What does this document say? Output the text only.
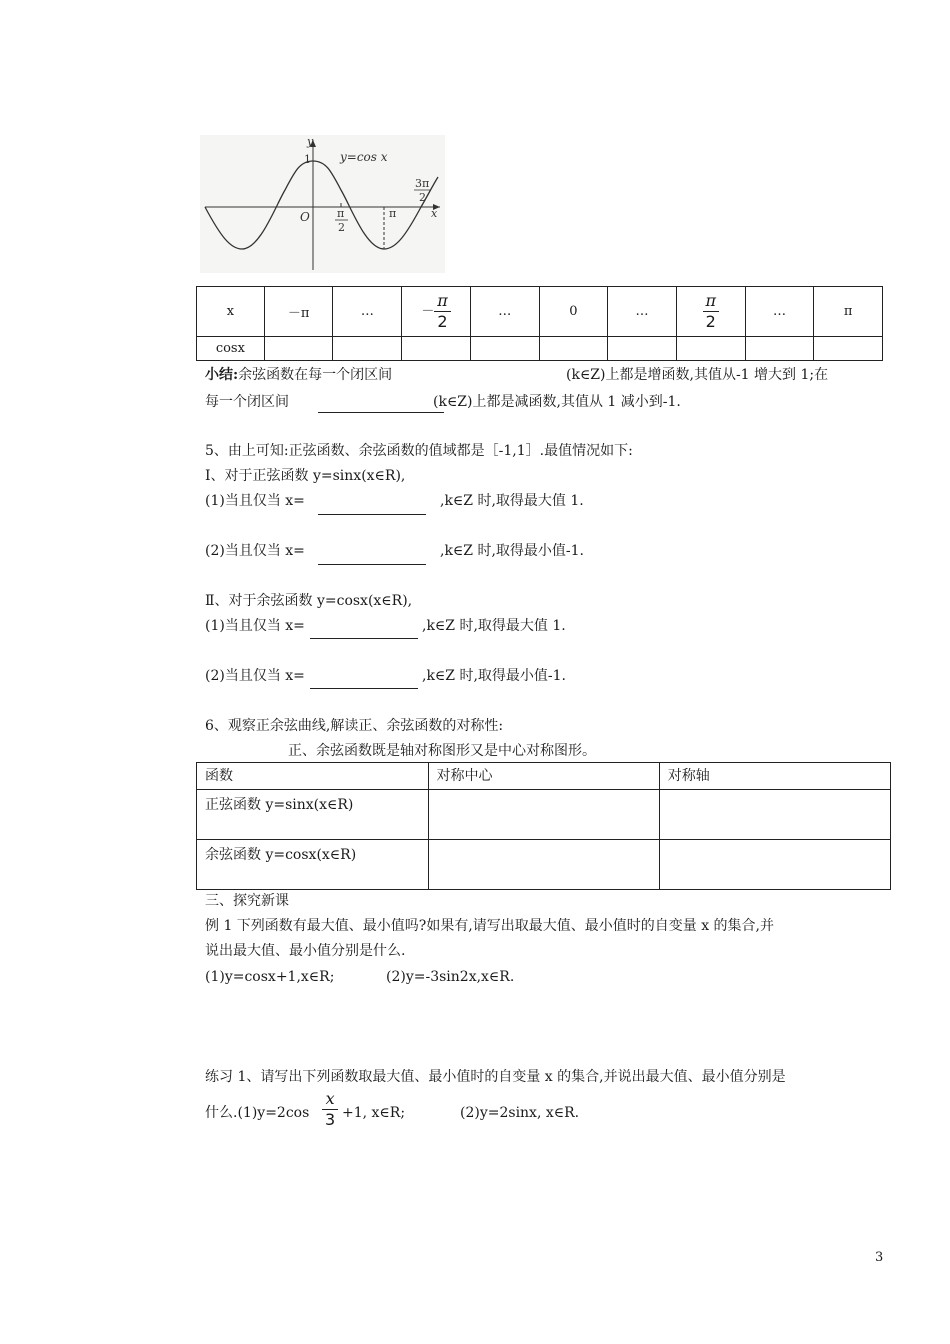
y
1 y=cos x
O	x
π
2
π
3π
2
x	－π	…	－ $\frac{\pi}{2}$	…	0	…	$\frac{\pi}{2}$	…	π
cosx									
小结:余弦函数在每一个闭区间	(k∈Z)上都是增函数,其值从-1 增大到 1;在
每一个闭区间	(k∈Z)上都是减函数,其值从 1 减小到-1.
5、由上可知:正弦函数、余弦函数的值域都是［-1,1］.最值情况如下:
Ⅰ、对于正弦函数 y=sinx(x∈R),
(1)当且仅当 x=	,k∈Z 时,取得最大值 1.
(2)当且仅当 x=	,k∈Z 时,取得最小值-1.
Ⅱ、对于余弦函数 y=cosx(x∈R),
(1)当且仅当 x=	,k∈Z 时,取得最大值 1.
(2)当且仅当 x=	,k∈Z 时,取得最小值-1.
6、观察正余弦曲线,解读正、余弦函数的对称性:
正、余弦函数既是轴对称图形又是中心对称图形。
函数	对称中心	对称轴
正弦函数 y=sinx(x∈R)		
余弦函数 y=cosx(x∈R)		
三、探究新课
例 1 下列函数有最大值、最小值吗?如果有,请写出取最大值、最小值时的自变量 x 的集合,并
说出最大值、最小值分别是什么.
(1)y=cosx+1,x∈R;	(2)y=-3sin2x,x∈R.
练习 1、请写出下列函数取最大值、最小值时的自变量 x 的集合,并说出最大值、最小值分别是
什么$.(1)y=2\cos \frac{x}{3} +1$, x∈R;	(2)y=2sinx, x∈R.
3
